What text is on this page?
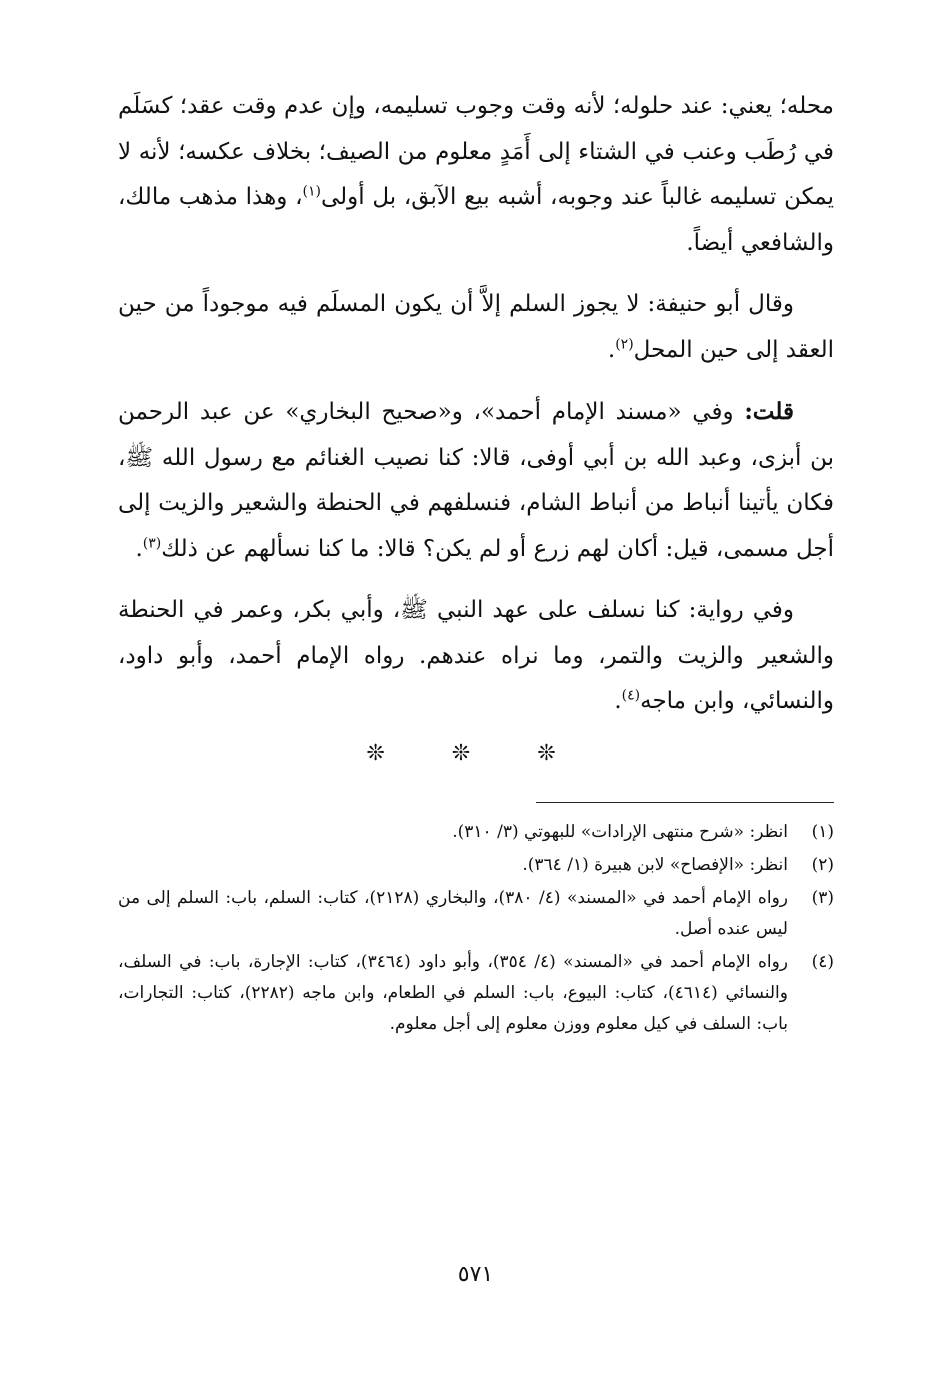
محله؛ يعني: عند حلوله؛ لأنه وقت وجوب تسليمه، وإن عدم وقت عقد؛ كسَلَم في رُطَب وعنب في الشتاء إلى أَمَدٍ معلوم من الصيف؛ بخلاف عكسه؛ لأنه لا يمكن تسليمه غالباً عند وجوبه، أشبه بيع الآبق، بل أولى$^{(١)}$، وهذا مذهب مالك، والشافعي أيضاً.

وقال أبو حنيفة: لا يجوز السلم إلاَّ أن يكون المسلَم فيه موجوداً من حين العقد إلى حين المحل$^{(٢)}$.

قلت: وفي «مسند الإمام أحمد»، و«صحيح البخاري» عن عبد الرحمن بن أبزى، وعبد الله بن أبي أوفى، قالا: كنا نصيب الغنائم مع رسول الله ﷺ، فكان يأتينا أنباط من أنباط الشام، فنسلفهم في الحنطة والشعير والزيت إلى أجل مسمى، قيل: أكان لهم زرع أو لم يكن؟ قالا: ما كنا نسألهم عن ذلك$^{(٣)}$.

وفي رواية: كنا نسلف على عهد النبي ﷺ، وأبي بكر، وعمر في الحنطة والشعير والزيت والتمر، وما نراه عندهم. رواه الإمام أحمد، وأبو داود، والنسائي، وابن ماجه$^{(٤)}$.

❊ ❊ ❊
(١)
انظر: «شرح منتهى الإرادات» للبهوتي (٣/ ٣١٠).
(٢)
انظر: «الإفصاح» لابن هبيرة (١/ ٣٦٤).
(٣)
رواه الإمام أحمد في «المسند» (٤/ ٣٨٠)، والبخاري (٢١٢٨)، كتاب: السلم، باب: السلم إلى من ليس عنده أصل.
(٤)
رواه الإمام أحمد في «المسند» (٤/ ٣٥٤)، وأبو داود (٣٤٦٤)، كتاب: الإجارة، باب: في السلف، والنسائي (٤٦١٤)، كتاب: البيوع، باب: السلم في الطعام، وابن ماجه (٢٢٨٢)، كتاب: التجارات، باب: السلف في كيل معلوم ووزن معلوم إلى أجل معلوم.
٥٧١
